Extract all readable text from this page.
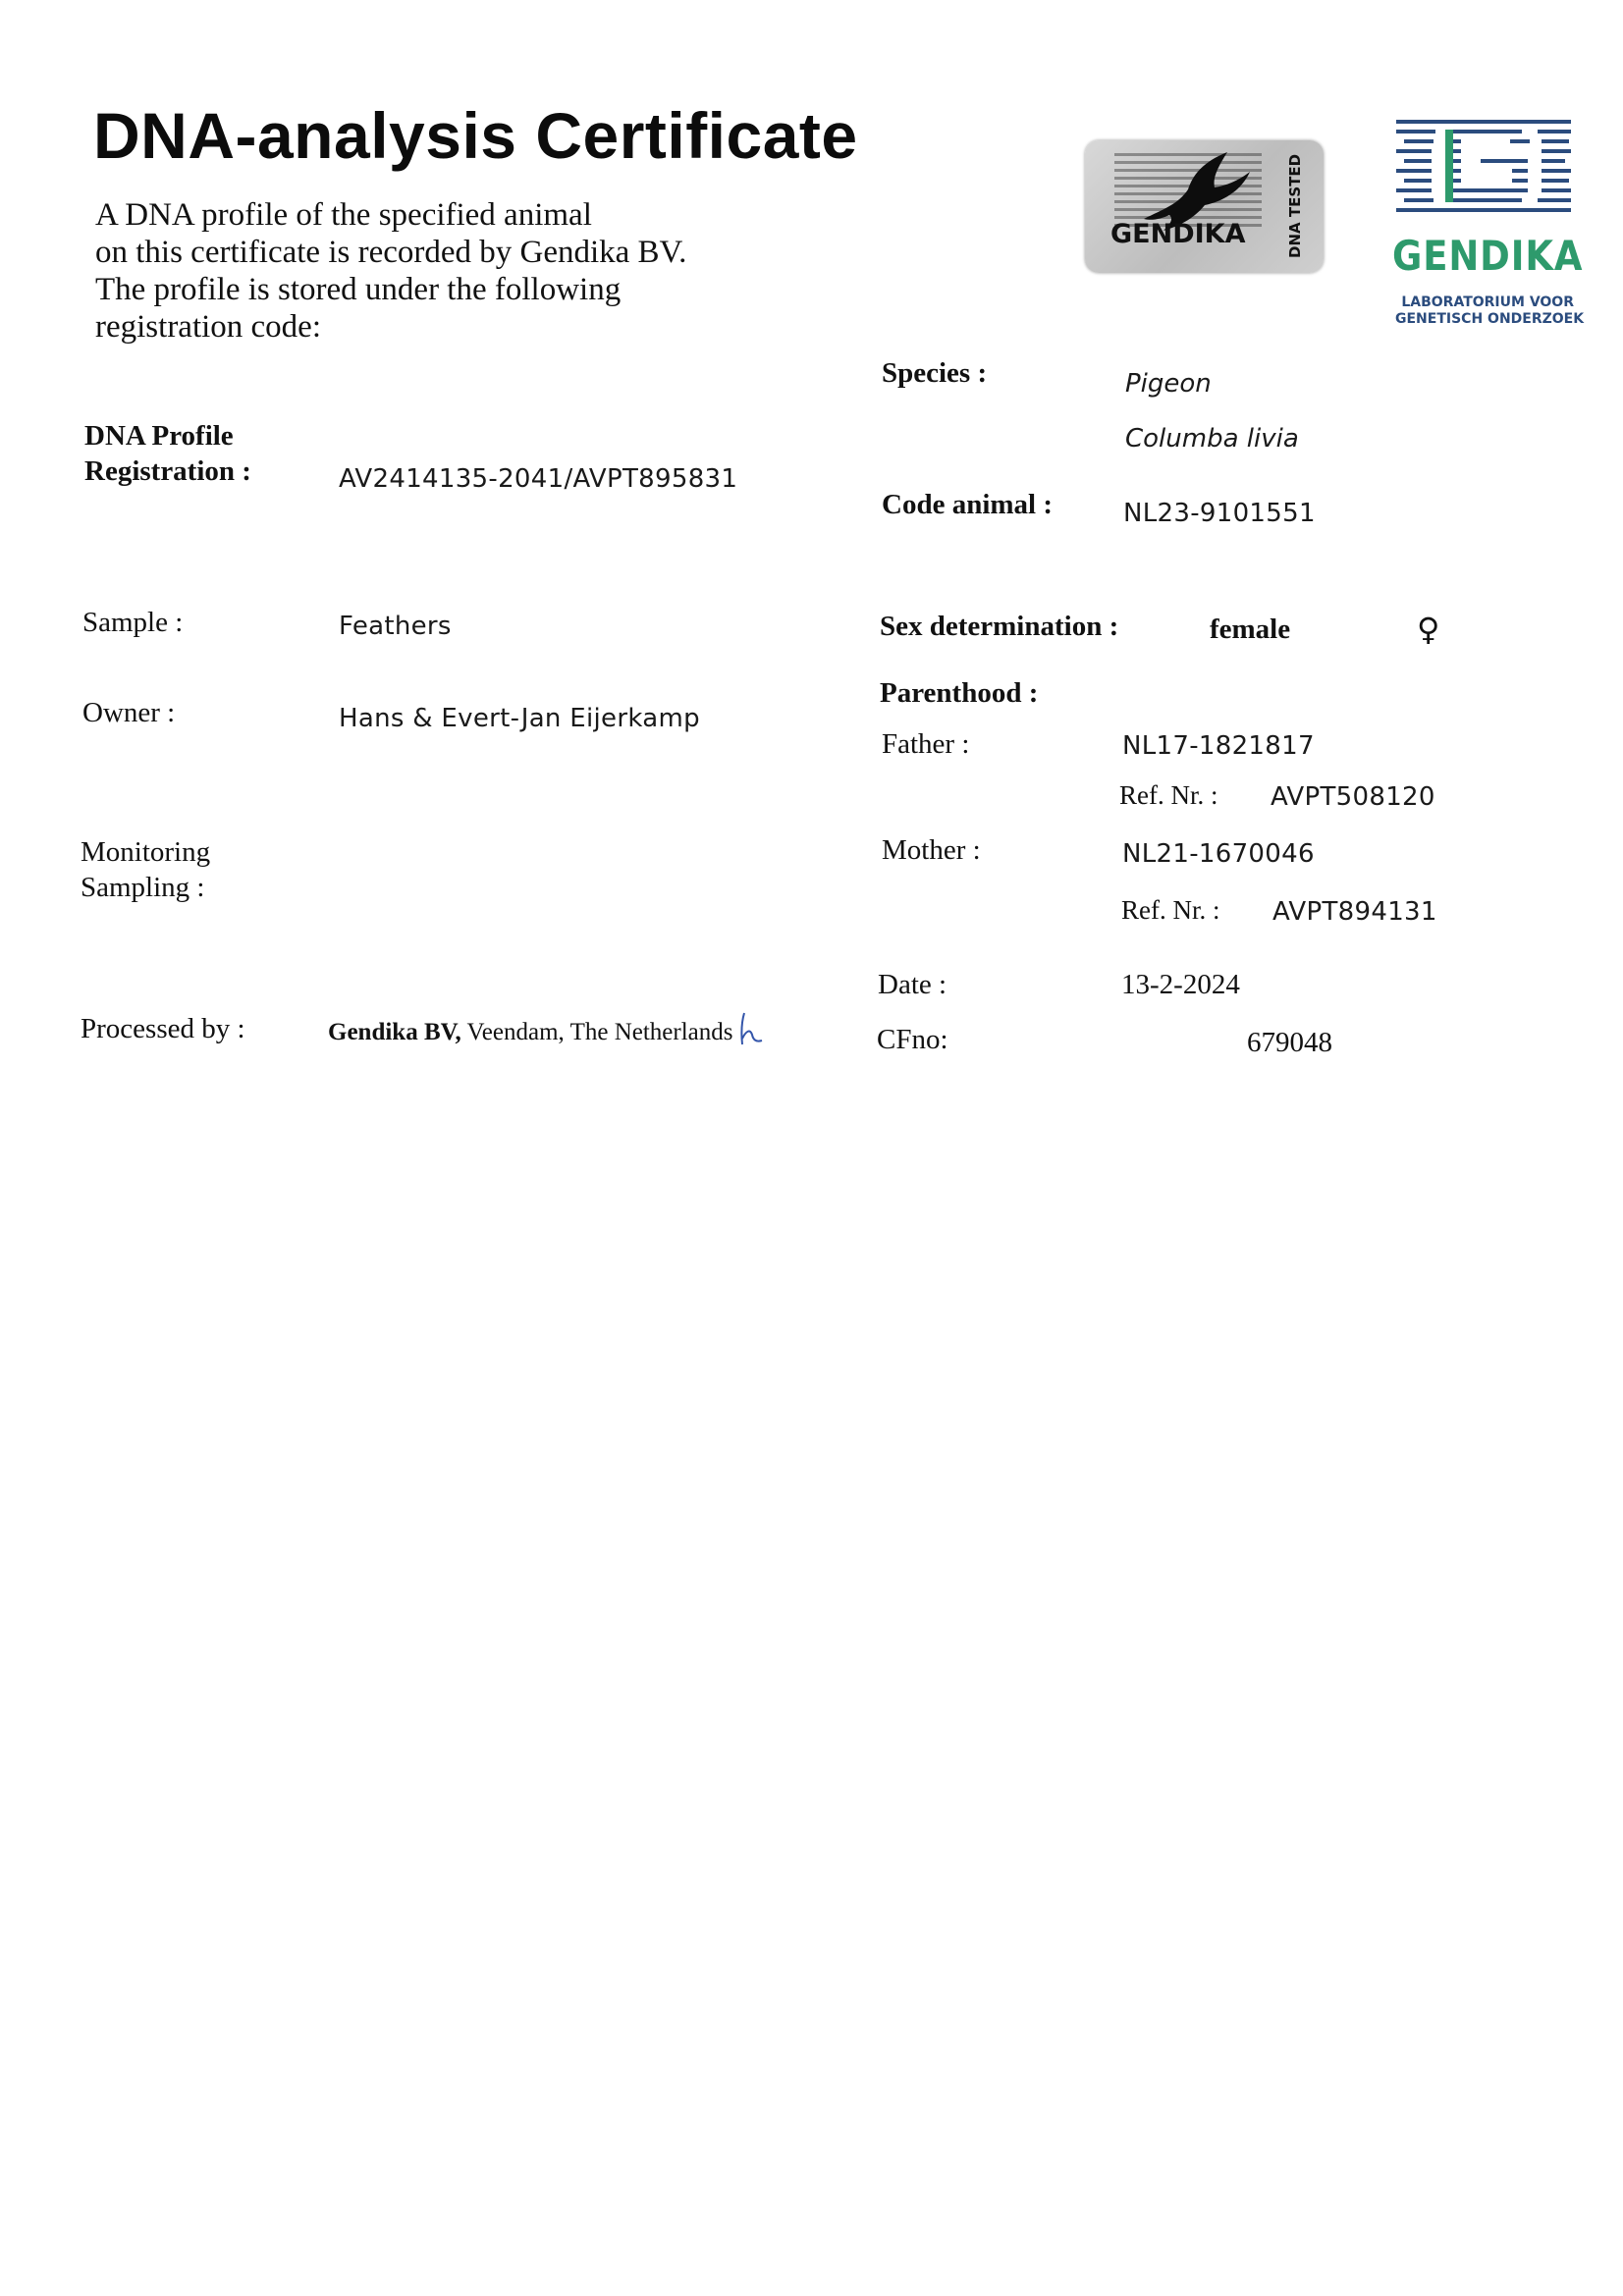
DNA-analysis Certificate
A DNA profile of the specified animal
on this certificate is recorded by Gendika BV.
The profile is stored under the following
registration code:
GENDIKA	DNA TESTED GENDIKA
LABORATORIUM VOOR
GENETISCH ONDERZOEK
DNA Profile
Registration :	AV2414135-2041/AVPT895831
Sample :	Feathers
Owner :	Hans & Evert-Jan Eijerkamp
Monitoring
Sampling :
Processed by :	Gendika BV, Veendam, The Netherlands
Species :	Pigeon
Columba livia
Code animal :	NL23-9101551
Sex determination :	female	♀
Parenthood :
Father :	NL17-1821817
Ref. Nr. : AVPT508120
Mother :	NL21-1670046
Ref. Nr. : AVPT894131
Date :	13-2-2024
CFno:	679048
